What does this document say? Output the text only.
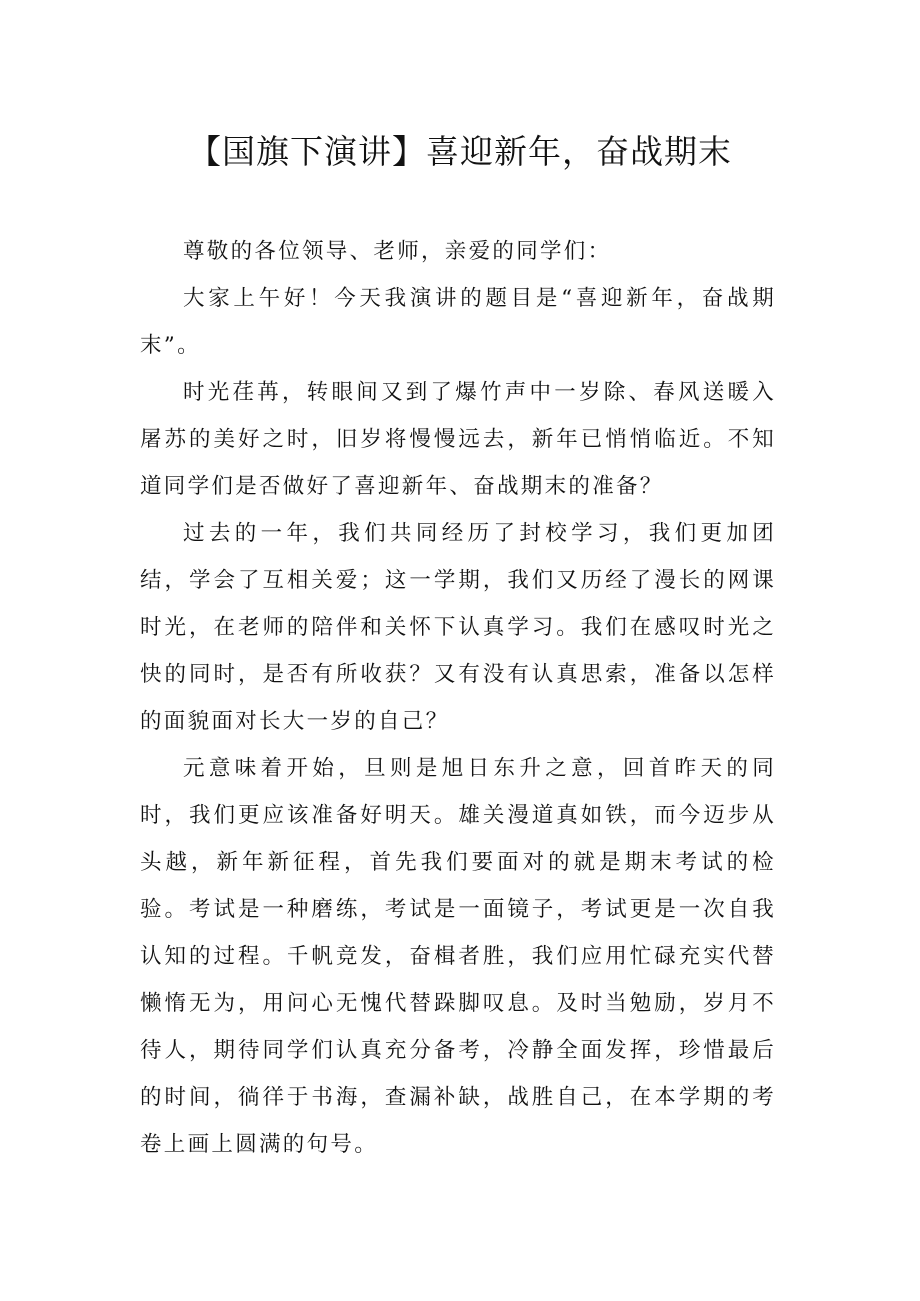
【国旗下演讲】喜迎新年，奋战期末

尊敬的各位领导、老师，亲爱的同学们：

大家上午好！今天我演讲的题目是“喜迎新年，奋战期末”。

时光荏苒，转眼间又到了爆竹声中一岁除、春风送暖入屠苏的美好之时，旧岁将慢慢远去，新年已悄悄临近。不知道同学们是否做好了喜迎新年、奋战期末的准备？

过去的一年，我们共同经历了封校学习，我们更加团结，学会了互相关爱；这一学期，我们又历经了漫长的网课时光，在老师的陪伴和关怀下认真学习。我们在感叹时光之快的同时，是否有所收获？又有没有认真思索，准备以怎样的面貌面对长大一岁的自己？

元意味着开始，旦则是旭日东升之意，回首昨天的同时，我们更应该准备好明天。雄关漫道真如铁，而今迈步从头越，新年新征程，首先我们要面对的就是期末考试的检验。考试是一种磨练，考试是一面镜子，考试更是一次自我认知的过程。千帆竞发，奋楫者胜，我们应用忙碌充实代替懒惰无为，用问心无愧代替跺脚叹息。及时当勉励，岁月不待人，期待同学们认真充分备考，冷静全面发挥，珍惜最后的时间，徜徉于书海，查漏补缺，战胜自己，在本学期的考卷上画上圆满的句号。
